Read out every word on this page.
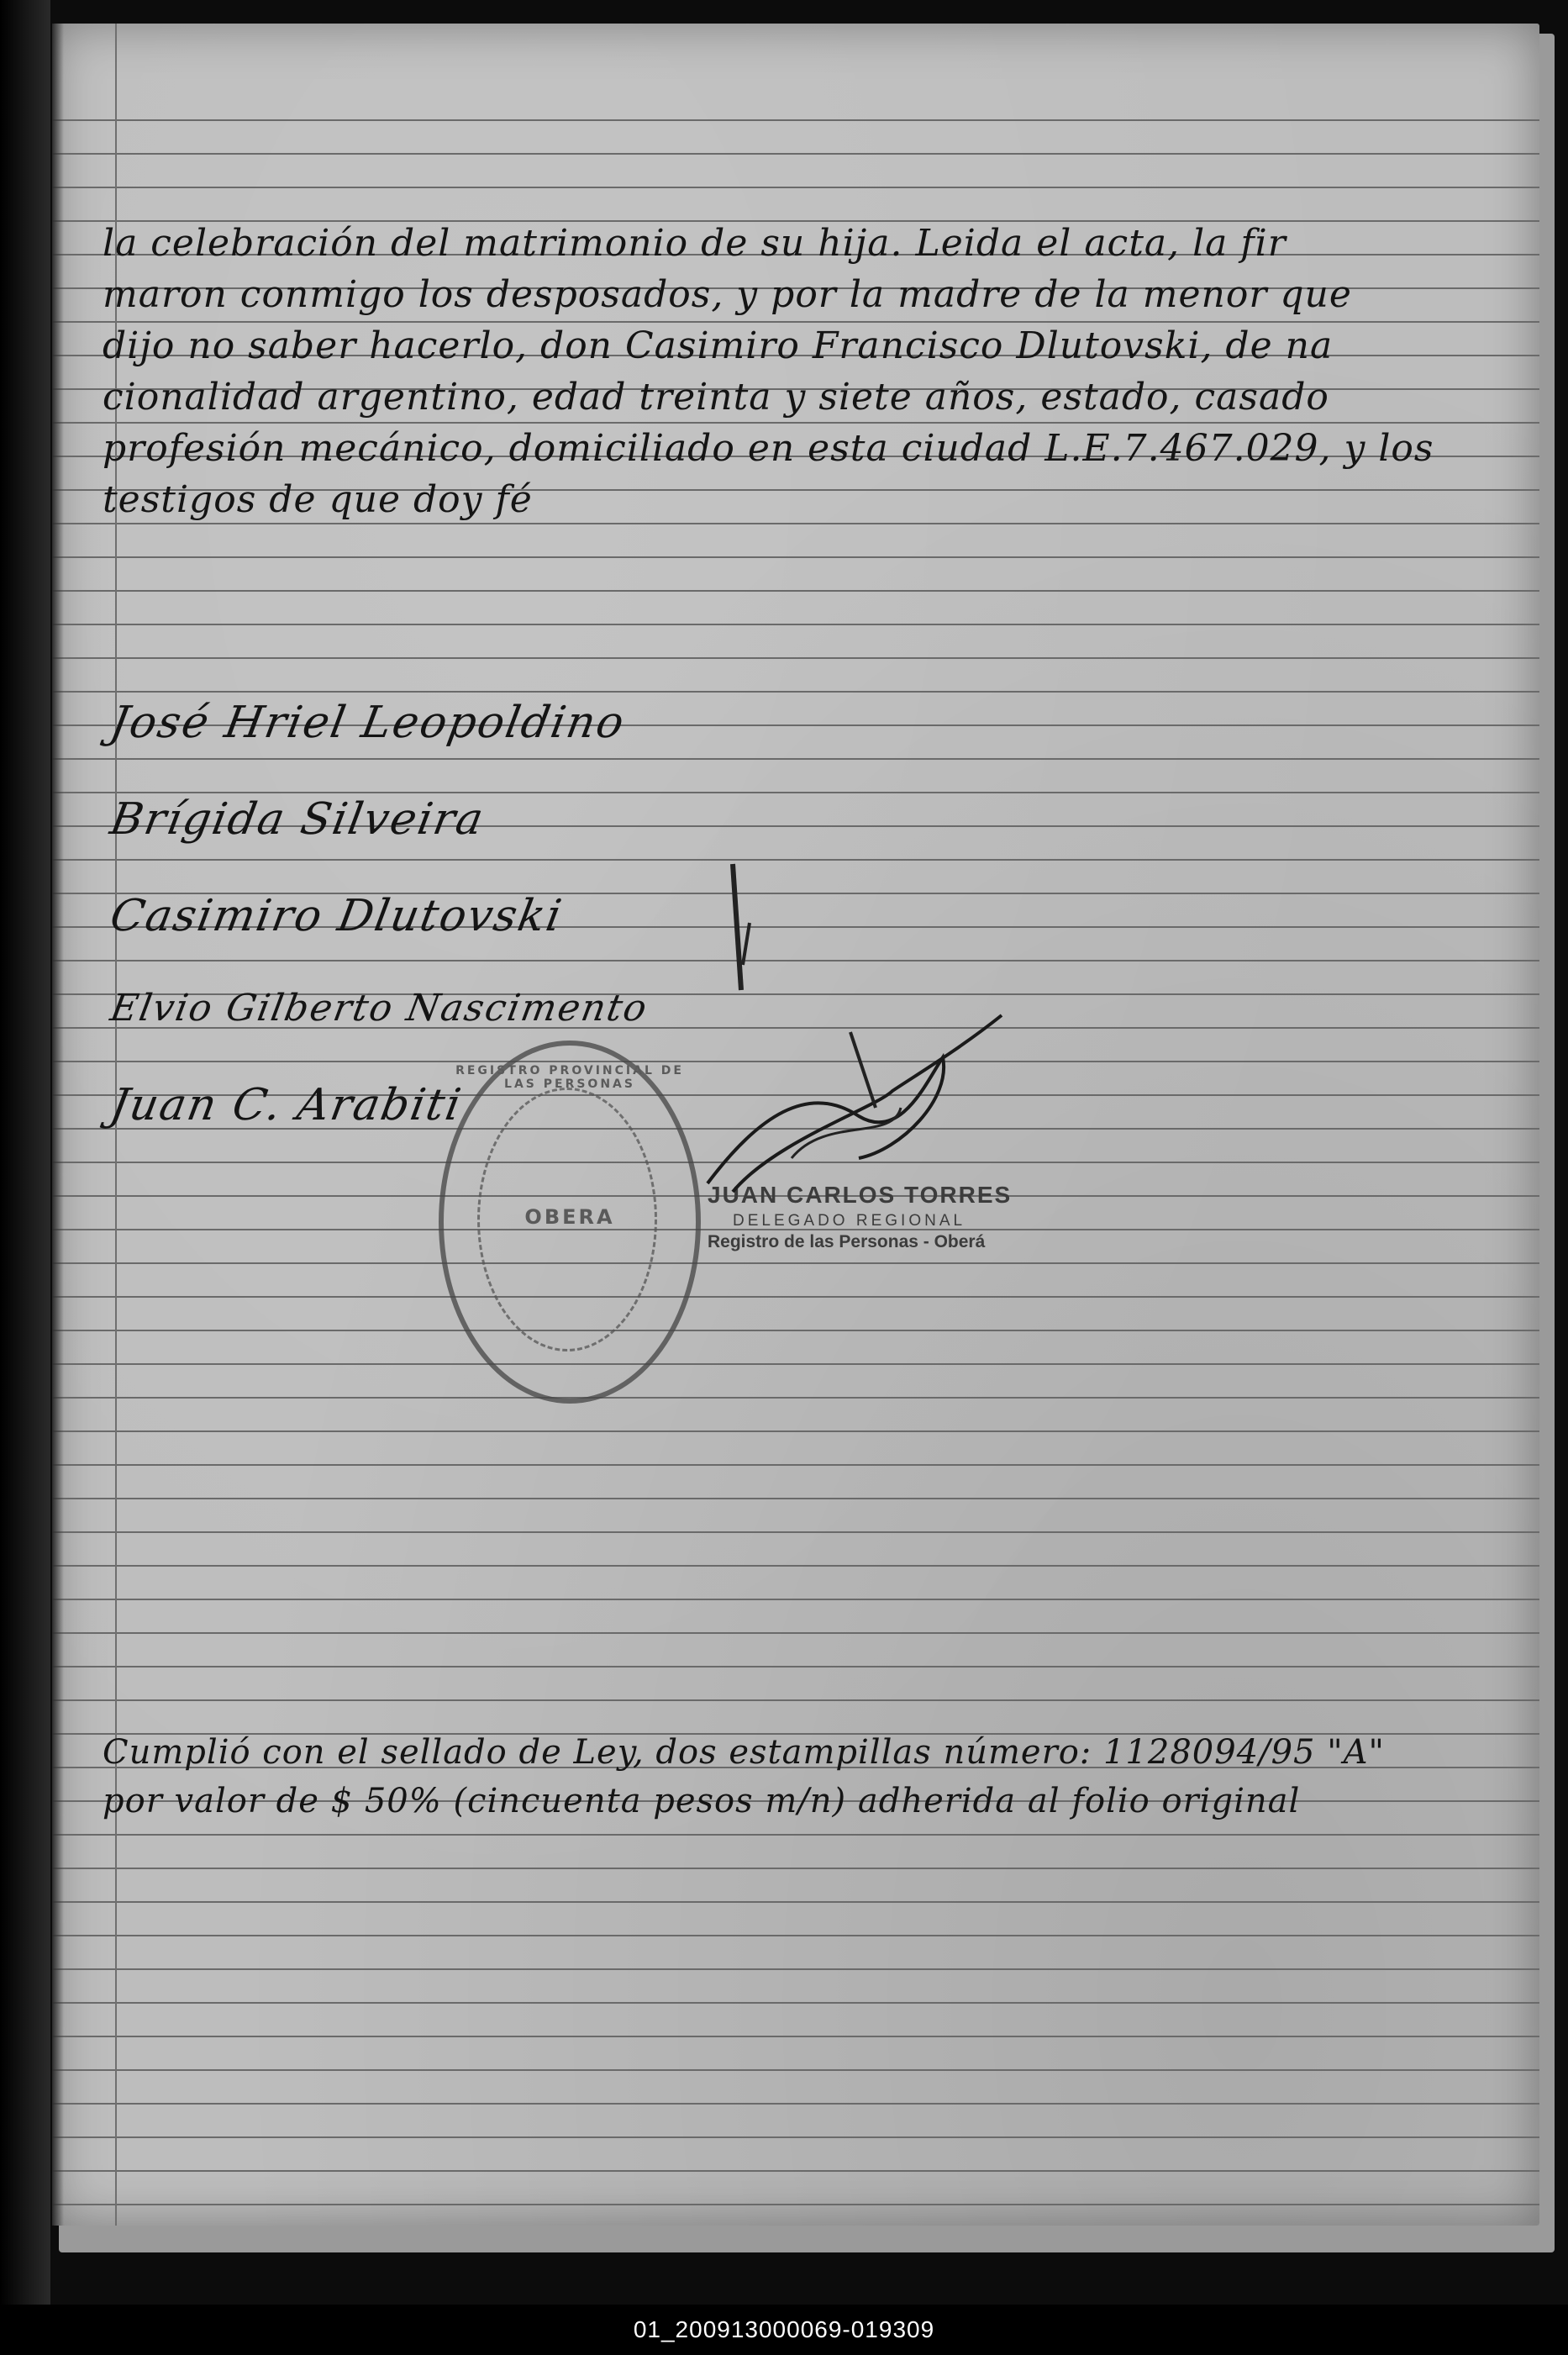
la celebración del matrimonio de su hija. Leida el acta, la fir
maron conmigo los desposados, y por la madre de la menor que
dijo no saber hacerlo, don Casimiro Francisco Dlutovski, de na
cionalidad argentino, edad treinta y siete años, estado, casado
profesión mecánico, domiciliado en esta ciudad L.E.7.467.029, y los
testigos de que doy fé
José Hriel Leopoldino
Brígida Silveira
Casimiro Dlutovski
Elvio Gilberto Nascimento
Juan C. Arabiti
REGISTRO PROVINCIAL DE LAS PERSONAS
OBERA
JUAN CARLOS TORRES
DELEGADO REGIONAL
Registro de las Personas - Oberá
Cumplió con el sellado de Ley, dos estampillas número: 1128094/95 "A"
por valor de $ 50% (cincuenta pesos m/n) adherida al folio original
01_200913000069-019309
